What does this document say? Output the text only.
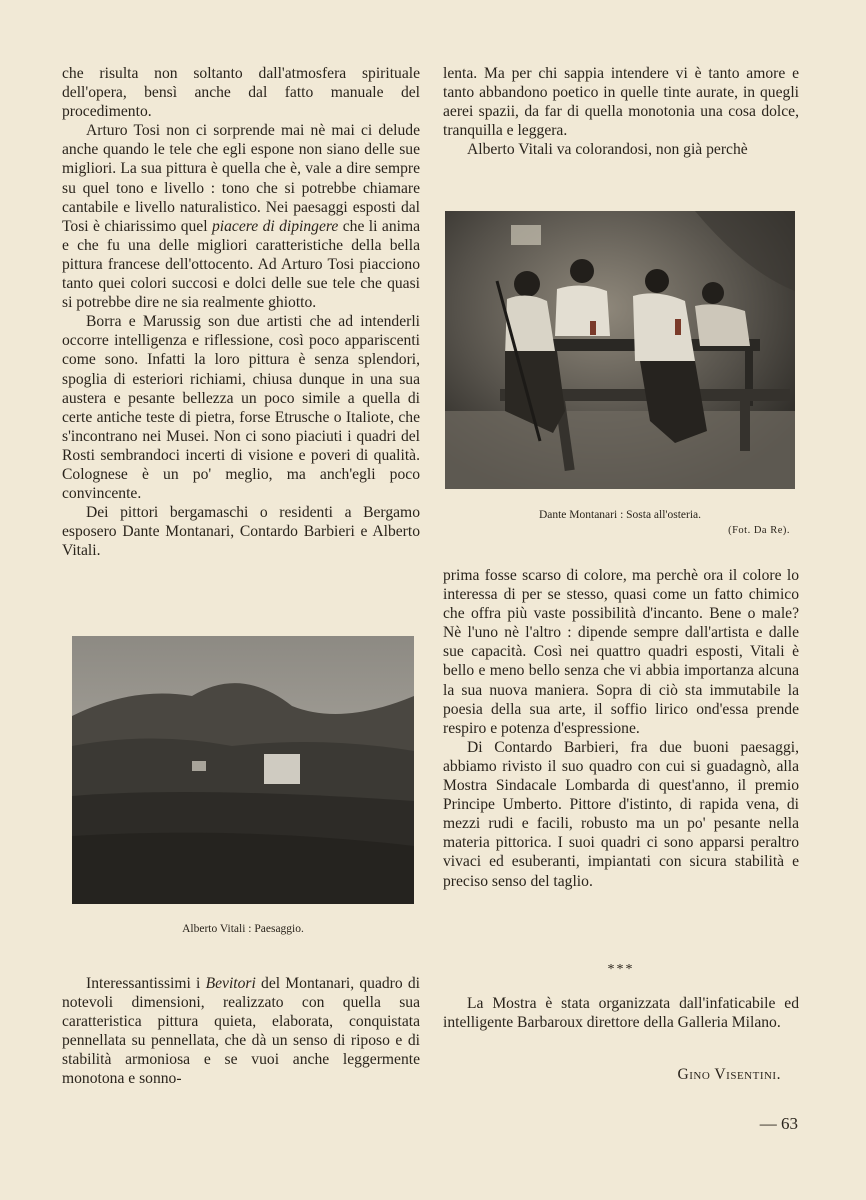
che risulta non soltanto dall'atmosfera spirituale dell'opera, bensì anche dal fatto manuale del procedimento.

Arturo Tosi non ci sorprende mai nè mai ci delude anche quando le tele che egli espone non siano delle sue migliori. La sua pittura è quella che è, vale a dire sempre su quel tono e livello : tono che si potrebbe chiamare cantabile e livello naturalistico. Nei paesaggi esposti dal Tosi è chiarissimo quel piacere di dipingere che li anima e che fu una delle migliori caratteristiche della bella pittura francese dell'ottocento. Ad Arturo Tosi piacciono tanto quei colori succosi e dolci delle sue tele che quasi si potrebbe dire ne sia realmente ghiotto.

Borra e Marussig son due artisti che ad intenderli occorre intelligenza e riflessione, così poco appariscenti come sono. Infatti la loro pittura è senza splendori, spoglia di esteriori richiami, chiusa dunque in una sua austera e pesante bellezza un poco simile a quella di certe antiche teste di pietra, forse Etrusche o Italiote, che s'incontrano nei Musei. Non ci sono piaciuti i quadri del Rosti sembrandoci incerti di visione e poveri di qualità. Colognese è un po' meglio, ma anch'egli poco convincente.

Dei pittori bergamaschi o residenti a Bergamo esposero Dante Montanari, Contardo Barbieri e Alberto Vitali.

lenta. Ma per chi sappia intendere vi è tanto amore e tanto abbandono poetico in quelle tinte aurate, in quegli aerei spazii, da far di quella monotonia una cosa dolce, tranquilla e leggera.

Alberto Vitali va colorandosi, non già perchè

Dante Montanari : Sosta all'osteria.
(Fot. Da Re).

prima fosse scarso di colore, ma perchè ora il colore lo interessa di per se stesso, quasi come un fatto chimico che offra più vaste possibilità d'incanto. Bene o male? Nè l'uno nè l'altro : dipende sempre dall'artista e dalle sue capacità. Così nei quattro quadri esposti, Vitali è bello e meno bello senza che vi abbia importanza alcuna la sua nuova maniera. Sopra di ciò sta immutabile la poesia della sua arte, il soffio lirico ond'essa prende respiro e potenza d'espressione.

Di Contardo Barbieri, fra due buoni paesaggi, abbiamo rivisto il suo quadro con cui si guadagnò, alla Mostra Sindacale Lombarda di quest'anno, il premio Principe Umberto. Pittore d'istinto, di rapida vena, di mezzi rudi e facili, robusto ma un po' pesante nella materia pittorica. I suoi quadri ci sono apparsi peraltro vivaci ed esuberanti, impiantati con sicura stabilità e preciso senso del taglio.

Alberto Vitali : Paesaggio.

Interessantissimi i Bevitori del Montanari, quadro di notevoli dimensioni, realizzato con quella sua caratteristica pittura quieta, elaborata, conquistata pennellata su pennellata, che dà un senso di riposo e di stabilità armoniosa e se vuoi anche leggermente monotona e sonno-

***

La Mostra è stata organizzata dall'infaticabile ed intelligente Barbaroux direttore della Galleria Milano.

Gino Visentini.
— 63
